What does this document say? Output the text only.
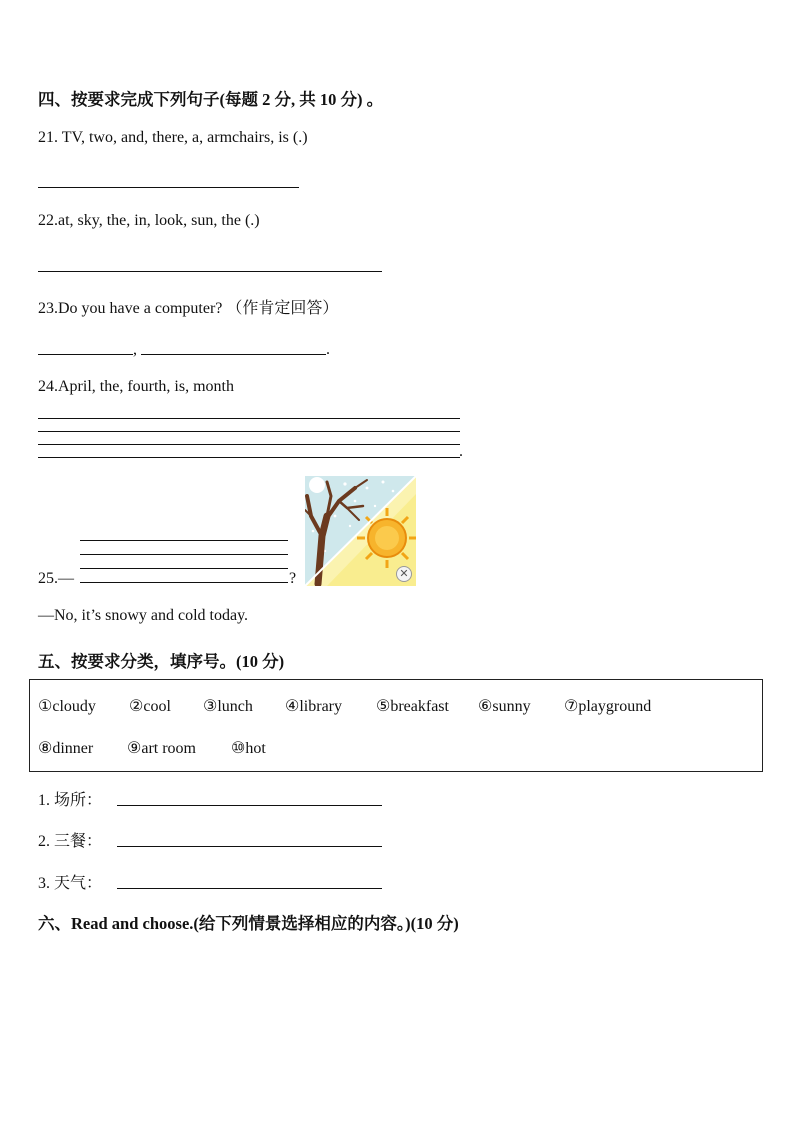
四、按要求完成下列句子(每题 2 分, 共 10 分) 。
21. TV, two, and, there, a, armchairs, is (.)
22.at, sky, the, in, look, sun, the (.)
23.Do you have a computer? （作肯定回答）
,	.
24.April, the, fourth, is, month
.
25.—	?	✕
—No, it’s snowy and cold today.
五、按要求分类，填序号。(10 分)
①cloudy ②cool ③lunch ④library ⑤breakfast ⑥sunny ⑦playground
⑧dinner ⑨art room ⑩hot
1. 场所：
2. 三餐：
3. 天气：
六、Read and choose.(给下列情景选择相应的内容。)(10 分)
